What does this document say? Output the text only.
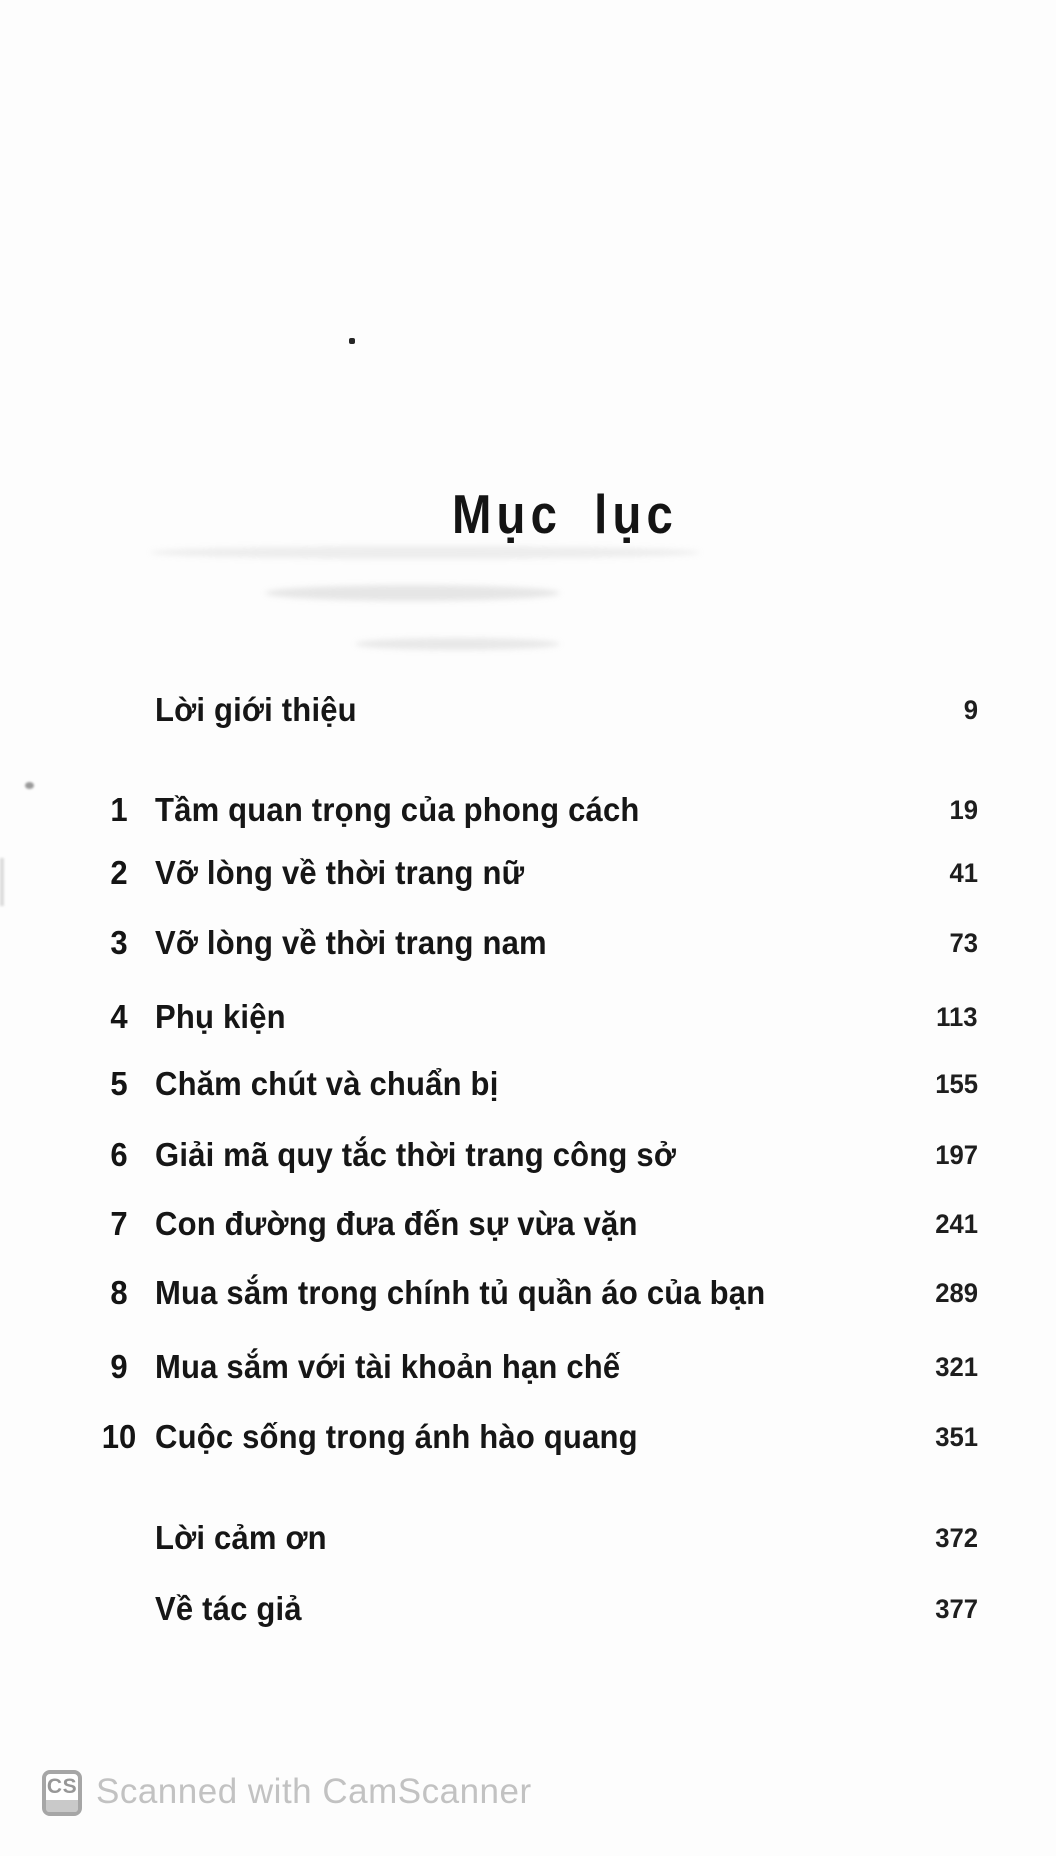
Mục lục
Lời giới thiệu	9
1 Tầm quan trọng của phong cách	19
2 Vỡ lòng về thời trang nữ	41
3 Vỡ lòng về thời trang nam	73
4 Phụ kiện	113
5 Chăm chút và chuẩn bị	155
6 Giải mã quy tắc thời trang công sở	197
7 Con đường đưa đến sự vừa vặn	241
8 Mua sắm trong chính tủ quần áo của bạn	289
9 Mua sắm với tài khoản hạn chế	321
10 Cuộc sống trong ánh hào quang	351
Lời cảm ơn	372
Về tác giả	377
CS Scanned with CamScanner
